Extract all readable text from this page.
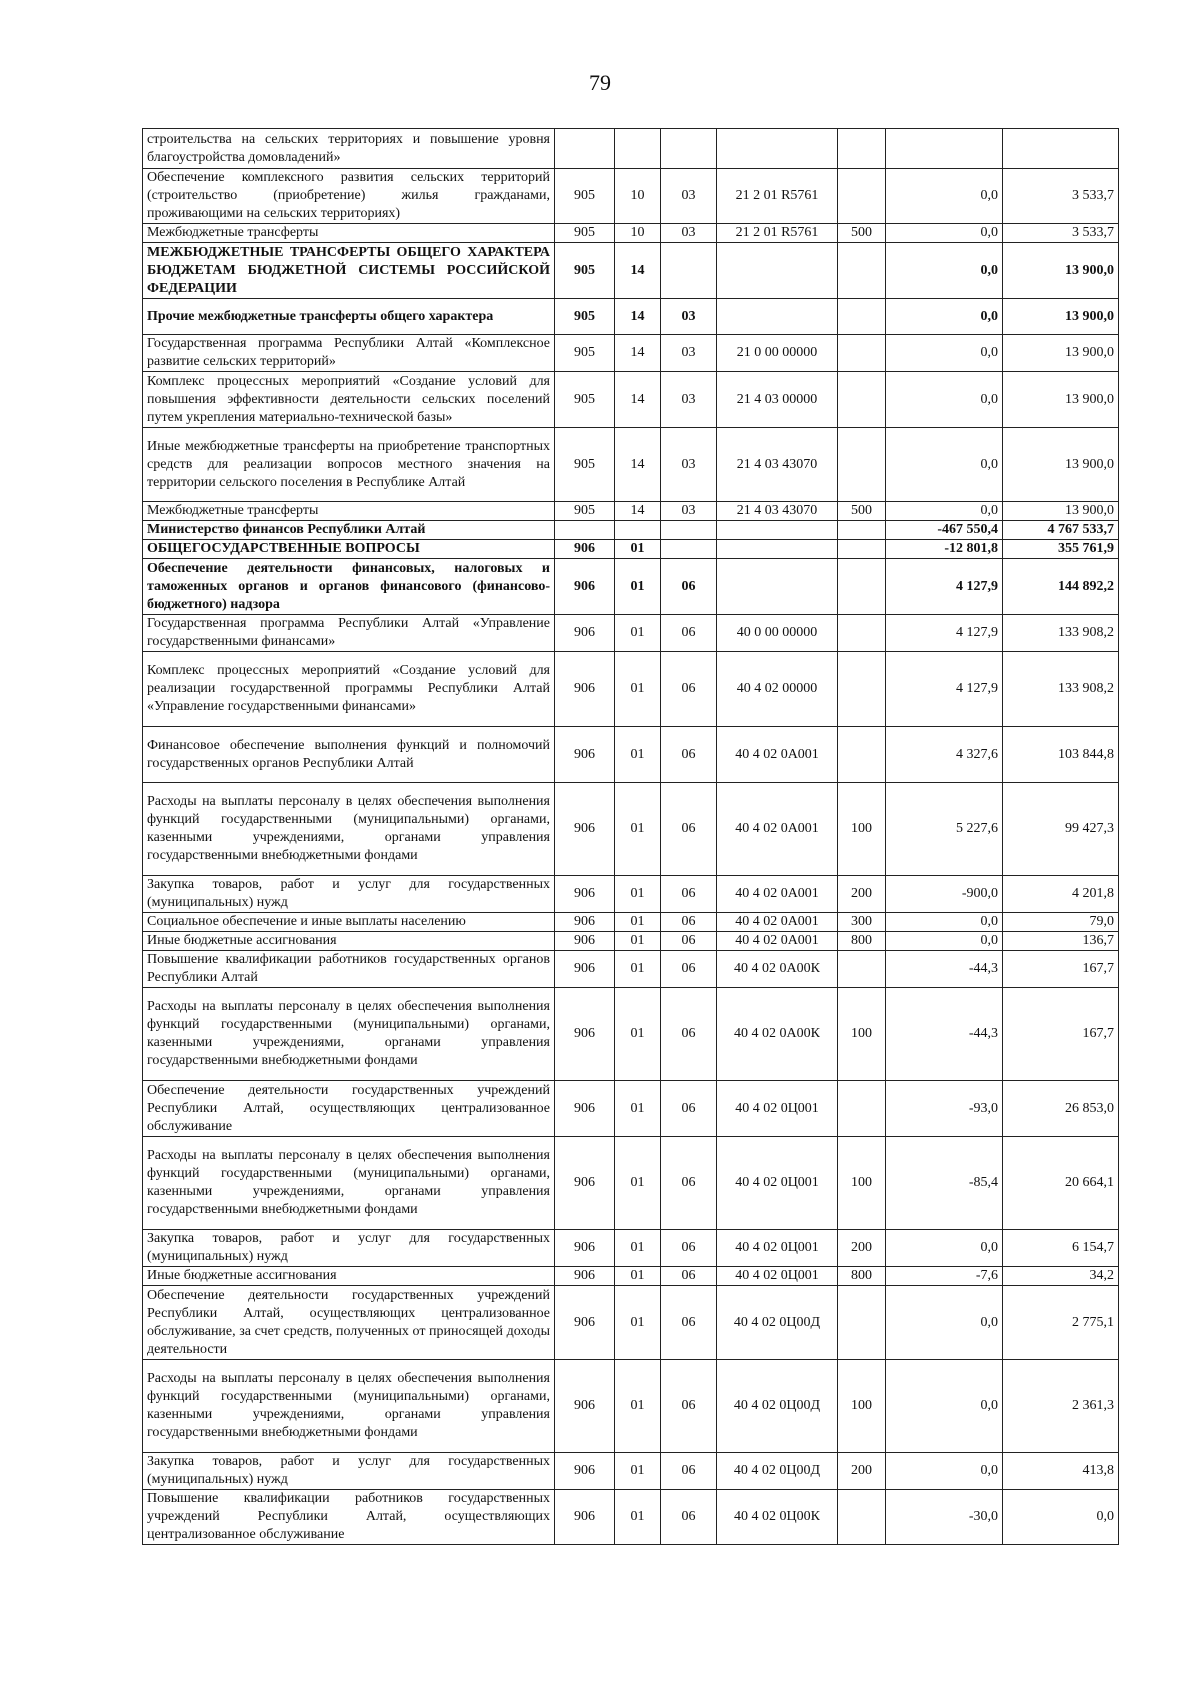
79
строительства на сельских территориях и повышение уровня благоустройства домовладений»							
Обеспечение комплексного развития сельских территорий (строительство (приобретение) жилья гражданами, проживающими на сельских территориях)	905	10	03	21 2 01 R5761		0,0	3 533,7
Межбюджетные трансферты	905	10	03	21 2 01 R5761	500	0,0	3 533,7
МЕЖБЮДЖЕТНЫЕ ТРАНСФЕРТЫ ОБЩЕГО ХАРАКТЕРА БЮДЖЕТАМ БЮДЖЕТНОЙ СИСТЕМЫ РОССИЙСКОЙ ФЕДЕРАЦИИ	905	14				0,0	13 900,0
Прочие межбюджетные трансферты общего характера	905	14	03			0,0	13 900,0
Государственная программа Республики Алтай «Комплексное развитие сельских территорий»	905	14	03	21 0 00 00000		0,0	13 900,0
Комплекс процессных мероприятий «Создание условий для повышения эффективности деятельности сельских поселений путем укрепления материально-технической базы»	905	14	03	21 4 03 00000		0,0	13 900,0
Иные межбюджетные трансферты на приобретение транспортных средств для реализации вопросов местного значения на территории сельского поселения в Республике Алтай	905	14	03	21 4 03 43070		0,0	13 900,0
Межбюджетные трансферты	905	14	03	21 4 03 43070	500	0,0	13 900,0
Министерство финансов Республики Алтай						-467 550,4	4 767 533,7
ОБЩЕГОСУДАРСТВЕННЫЕ ВОПРОСЫ	906	01				-12 801,8	355 761,9
Обеспечение деятельности финансовых, налоговых и таможенных органов и органов финансового (финансово-бюджетного) надзора	906	01	06			4 127,9	144 892,2
Государственная программа Республики Алтай «Управление государственными финансами»	906	01	06	40 0 00 00000		4 127,9	133 908,2
Комплекс процессных мероприятий «Создание условий для реализации государственной программы Республики Алтай «Управление государственными финансами»	906	01	06	40 4 02 00000		4 127,9	133 908,2
Финансовое обеспечение выполнения функций и полномочий государственных органов Республики Алтай	906	01	06	40 4 02 0А001		4 327,6	103 844,8
Расходы на выплаты персоналу в целях обеспечения выполнения функций государственными (муниципальными) органами, казенными учреждениями, органами управления государственными внебюджетными фондами	906	01	06	40 4 02 0А001	100	5 227,6	99 427,3
Закупка товаров, работ и услуг для государственных (муниципальных) нужд	906	01	06	40 4 02 0А001	200	-900,0	4 201,8
Социальное обеспечение и иные выплаты населению	906	01	06	40 4 02 0А001	300	0,0	79,0
Иные бюджетные ассигнования	906	01	06	40 4 02 0А001	800	0,0	136,7
Повышение квалификации работников государственных органов Республики Алтай	906	01	06	40 4 02 0А00К		-44,3	167,7
Расходы на выплаты персоналу в целях обеспечения выполнения функций государственными (муниципальными) органами, казенными учреждениями, органами управления государственными внебюджетными фондами	906	01	06	40 4 02 0А00К	100	-44,3	167,7
Обеспечение деятельности государственных учреждений Республики Алтай, осуществляющих централизованное обслуживание	906	01	06	40 4 02 0Ц001		-93,0	26 853,0
Расходы на выплаты персоналу в целях обеспечения выполнения функций государственными (муниципальными) органами, казенными учреждениями, органами управления государственными внебюджетными фондами	906	01	06	40 4 02 0Ц001	100	-85,4	20 664,1
Закупка товаров, работ и услуг для государственных (муниципальных) нужд	906	01	06	40 4 02 0Ц001	200	0,0	6 154,7
Иные бюджетные ассигнования	906	01	06	40 4 02 0Ц001	800	-7,6	34,2
Обеспечение деятельности государственных учреждений Республики Алтай, осуществляющих централизованное обслуживание, за счет средств, полученных от приносящей доходы деятельности	906	01	06	40 4 02 0Ц00Д		0,0	2 775,1
Расходы на выплаты персоналу в целях обеспечения выполнения функций государственными (муниципальными) органами, казенными учреждениями, органами управления государственными внебюджетными фондами	906	01	06	40 4 02 0Ц00Д	100	0,0	2 361,3
Закупка товаров, работ и услуг для государственных (муниципальных) нужд	906	01	06	40 4 02 0Ц00Д	200	0,0	413,8
Повышение квалификации работников государственных учреждений Республики Алтай, осуществляющих централизованное обслуживание	906	01	06	40 4 02 0Ц00К		-30,0	0,0
